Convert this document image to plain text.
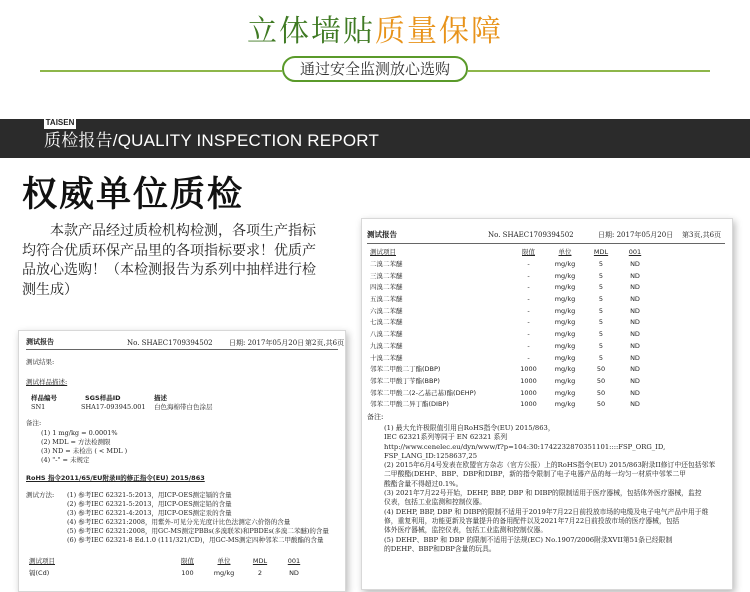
立体墙贴质量保障
通过安全监测放心选购
TAISEN
质检报告/QUALITY INSPECTION REPORT
权威单位质检
本款产品经过质检机构检测，各项生产指标均符合优质环保产品里的各项指标要求！优质产品放心选购！（本检测报告为系列中抽样进行检测生成）
测试报告	No. SHAEC1709394502 日期: 2017年05月20日 第2页,共6页
测试结果:
测试样品描述:
样品编号	SGS样品ID	描述
SN1	SHA17-093945.001 白色海棉带白色涂层
备注:
(1) 1 mg/kg = 0.0001%
(2) MDL = 方法检测限
(3) ND = 未检出 ( < MDL )
(4) "-" = 未规定
RoHS 指令2011/65/EU附录II的修正指令(EU) 2015/863
测试方法: (1) 参考IEC 62321-5:2013，用ICP-OES测定镉的含量
(2) 参考IEC 62321-5:2013，用ICP-OES测定铅的含量
(3) 参考IEC 62321-4:2013，用ICP-OES测定汞的含量
(4) 参考IEC 62321:2008，用紫外-可见分光光度计比色法测定六价铬的含量
(5) 参考IEC 62321:2008，用GC-MS测定PBBs(多溴联苯)和PBDEs(多溴二苯醚)的含量
(6) 参考IEC 62321-8 Ed.1.0 (111/321/CD)，用GC-MS测定四种邻苯二甲酸酯的含量
测试项目	限值	单位	MDL	001
镉(Cd)	100	mg/kg	2	ND
测试报告	No. SHAEC1709394502	日期: 2017年05月20日 第3页,共6页
测试项目	限值	单位	MDL	001
二溴二苯醚	-	mg/kg	5	ND
三溴二苯醚	-	mg/kg	5	ND
四溴二苯醚	-	mg/kg	5	ND
五溴二苯醚	-	mg/kg	5	ND
六溴二苯醚	-	mg/kg	5	ND
七溴二苯醚	-	mg/kg	5	ND
八溴二苯醚	-	mg/kg	5	ND
九溴二苯醚	-	mg/kg	5	ND
十溴二苯醚	-	mg/kg	5	ND
邻苯二甲酸二丁酯(DBP)	1000	mg/kg	50	ND
邻苯二甲酸丁苄酯(BBP)	1000	mg/kg	50	ND
邻苯二甲酸二(2-乙基己基)酯(DEHP)	1000	mg/kg	50	ND
邻苯二甲酸二异丁酯(DIBP)	1000	mg/kg	50	ND
备注:
(1) 最大允许极限值引用自RoHS指令(EU) 2015/863，
IEC 62321系列等同于 EN 62321 系列
http://www.cenelec.eu/dyn/www/f?p=104:30:1742232870351101::::FSP_ORG_ID,
FSP_LANG_ID:1258637,25
(2) 2015年6月4号发表在欧盟官方杂志（官方公报）上的RoHS指令(EU) 2015/863附录II修订中还包括邻苯
二甲酸酯(DEHP、BBP、DBP和DIBP，新的指令限制了电子电器产品的每一均匀一材质中邻苯二甲
酸酯含量不得超过0.1%。
(3) 2021年7月22号开始，DEHP, BBP, DBP 和 DIBP的限制适用于医疗器械，包括体外医疗器械，监控
仪表，包括工业监测和控制仪器。
(4) DEHP, BBP, DBP 和 DIBP的限制不适用于2019年7月22日前投放市场的电缆及电子电气产品中用于维
修，重复利用，功能更新及容量提升的备用配件以及2021年7月22日前投放市场的医疗器械，包括
体外医疗器械，监控仪表，包括工业监测和控制仪器。
(5) DEHP、BBP 和 DBP 的限制不适用于法规(EC) No.1907/2006附录XVII第51条已经限制
的DEHP、BBP和DBP含量的玩具。
